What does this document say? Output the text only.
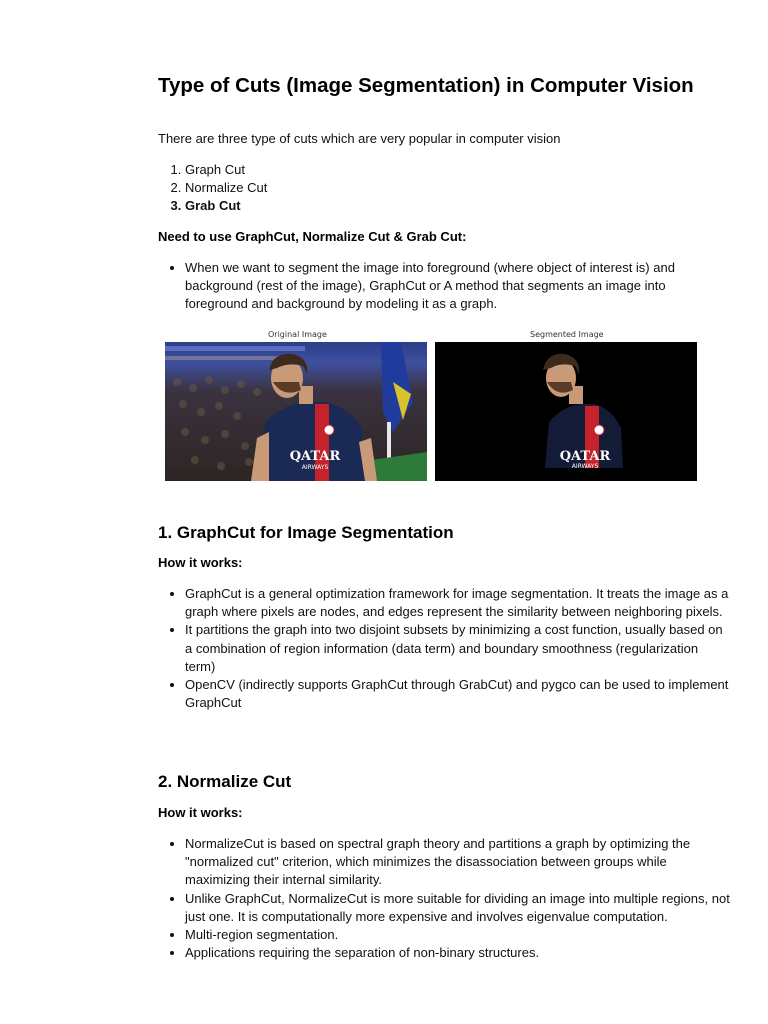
Type of Cuts (Image Segmentation) in Computer Vision

There are three type of cuts which are very popular in computer vision

1. Graph Cut
2. Normalize Cut
3. Grab Cut

Need to use GraphCut, Normalize Cut & Grab Cut:

• When we want to segment the image into foreground (where object of interest is) and background (rest of the image), GraphCut or A method that segments an image into foreground and background by modeling it as a graph.
Original Image	Segmented Image
QATAR
AIRWAYS
QATAR
AIRWAYS
1. GraphCut for Image Segmentation

How it works:

• GraphCut is a general optimization framework for image segmentation. It treats the image as a graph where pixels are nodes, and edges represent the similarity between neighboring pixels.
• It partitions the graph into two disjoint subsets by minimizing a cost function, usually based on a combination of region information (data term) and boundary smoothness (regularization term)
• OpenCV (indirectly supports GraphCut through GrabCut) and pygco can be used to implement GraphCut
2. Normalize Cut

How it works:

• NormalizeCut is based on spectral graph theory and partitions a graph by optimizing the "normalized cut" criterion, which minimizes the disassociation between groups while maximizing their internal similarity.
• Unlike GraphCut, NormalizeCut is more suitable for dividing an image into multiple regions, not just one. It is computationally more expensive and involves eigenvalue computation.
• Multi-region segmentation.
• Applications requiring the separation of non-binary structures.
